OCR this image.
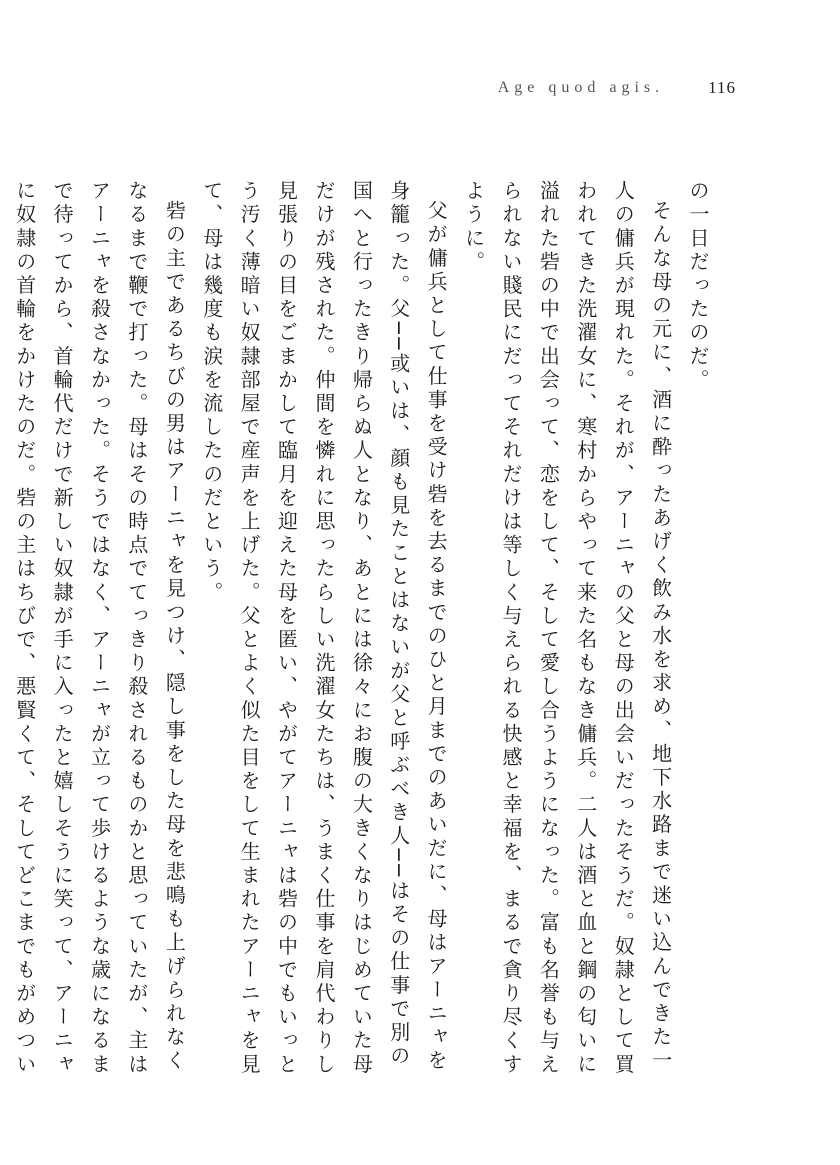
Age quod agis.	116

の一日だったのだ。

そんな母の元に、酒に酔ったあげく飲み水を求め、地下水路まで迷い込んできた一人の傭兵が現れた。それが、アーニャの父と母の出会いだったそうだ。奴隷として買われてきた洗濯女に、寒村からやって来た名もなき傭兵。二人は酒と血と鋼の匂いに溢れた砦の中で出会って、恋をして、そして愛し合うようになった。富も名誉も与えられない賤民にだってそれだけは等しく与えられる快感と幸福を、まるで貪り尽くすように。

父が傭兵として仕事を受け砦を去るまでのひと月までのあいだに、母はアーニャを身籠った。父──或いは、顔も見たことはないが父と呼ぶべき人──はその仕事で別の国へと行ったきり帰らぬ人となり、あとには徐々にお腹の大きくなりはじめていた母だけが残された。仲間を憐れに思ったらしい洗濯女たちは、うまく仕事を肩代わりし見張りの目をごまかして臨月を迎えた母を匿い、やがてアーニャは砦の中でもいっとう汚く薄暗い奴隷部屋で産声を上げた。父とよく似た目をして生まれたアーニャを見て、母は幾度も涙を流したのだという。

砦の主であるちびの男はアーニャを見つけ、隠し事をした母を悲鳴も上げられなくなるまで鞭で打った。母はその時点でてっきり殺されるものかと思っていたが、主はアーニャを殺さなかった。そうではなく、アーニャが立って歩けるような歳になるまで待ってから、首輪代だけで新しい奴隷が手に入ったと嬉しそうに笑って、アーニャに奴隷の首輪をかけたのだ。砦の主はちびで、悪賢くて、そしてどこまでもがめつい
